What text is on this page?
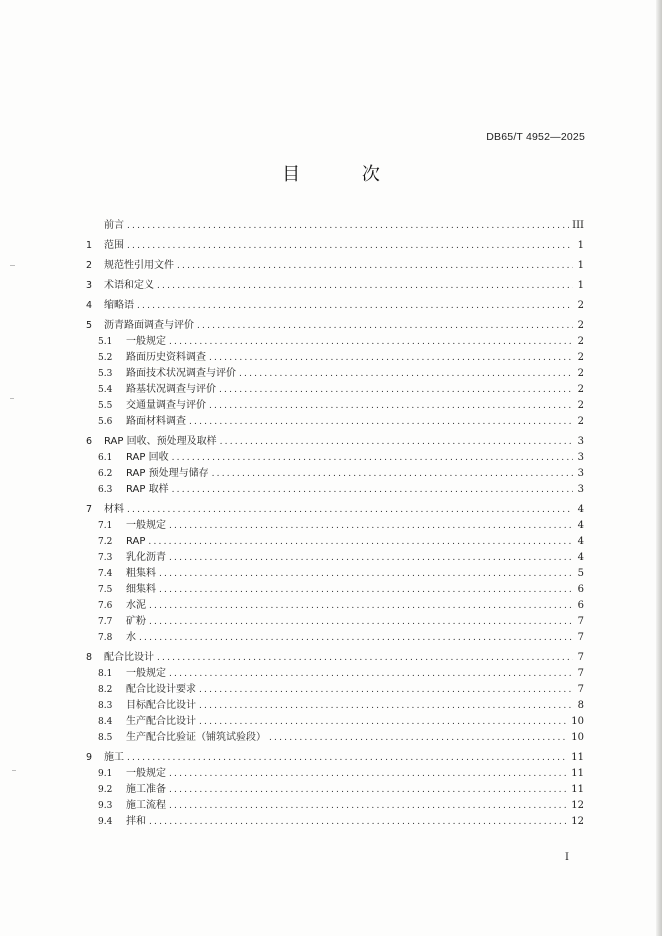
DB65/T 4952—2025
目 次
前言 .....	III
1	范围 .....	1
2	规范性引用文件 .....	1
3	术语和定义 .....	1
4	缩略语 .....	2
5	沥青路面调查与评价 .....	2
5.1	一般规定 .....	2
5.2	路面历史资料调查 .....	2
5.3	路面技术状况调查与评价 .....	2
5.4	路基状况调查与评价 .....	2
5.5	交通量调查与评价 .....	2
5.6	路面材料调查 .....	2
6	RAP 回收、预处理及取样 .....	3
6.1	RAP 回收 .....	3
6.2	RAP 预处理与储存 .....	3
6.3	RAP 取样 .....	3
7	材料 .....	4
7.1	一般规定 .....	4
7.2	RAP .....	4
7.3	乳化沥青 .....	4
7.4	粗集料 .....	5
7.5	细集料 .....	6
7.6	水泥 .....	6
7.7	矿粉 .....	7
7.8	水 .....	7
8	配合比设计 .....	7
8.1	一般规定 .....	7
8.2	配合比设计要求 .....	7
8.3	目标配合比设计 .....	8
8.4	生产配合比设计 .....	10
8.5	生产配合比验证（铺筑试验段） .....	10
9	施工 .....	11
9.1	一般规定 .....	11
9.2	施工准备 .....	11
9.3	施工流程 .....	12
9.4	拌和 .....	12
I
